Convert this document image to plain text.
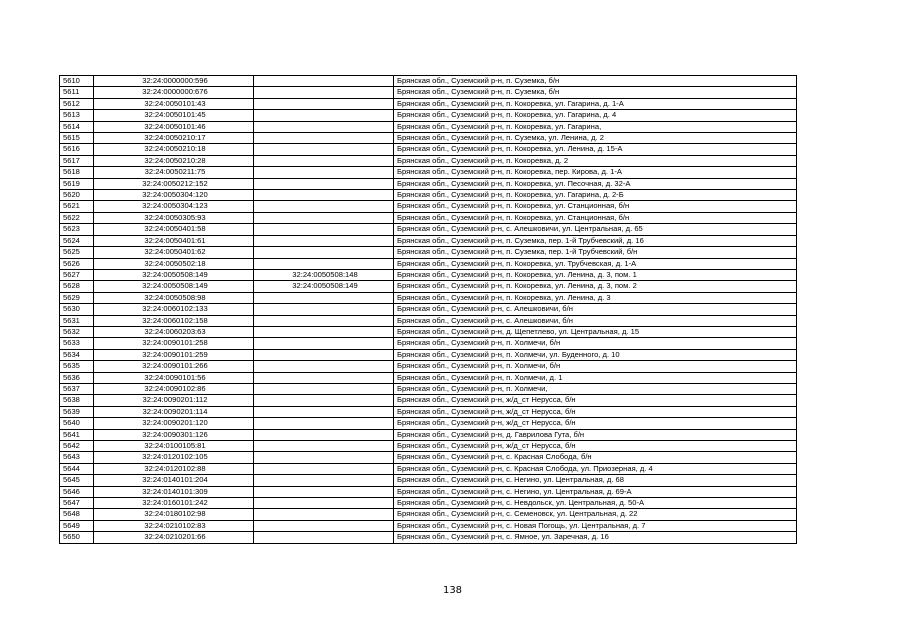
5610	32:24:0000000:596		Брянская обл., Суземский р-н, п. Суземка, б/н
5611	32:24:0000000:676		Брянская обл., Суземский р-н, п. Суземка, б/н
5612	32:24:0050101:43		Брянская обл., Суземский р-н, п. Кокоревка, ул. Гагарина, д. 1-А
5613	32:24:0050101:45		Брянская обл., Суземский р-н, п. Кокоревка, ул. Гагарина, д. 4
5614	32:24:0050101:46		Брянская обл., Суземский р-н, п. Кокоревка, ул. Гагарина,
5615	32:24:0050210:17		Брянская обл., Суземский р-н, п. Суземка, ул. Ленина, д. 2
5616	32:24:0050210:18		Брянская обл., Суземский р-н, п. Кокоревка, ул. Ленина, д. 15-А
5617	32:24:0050210:28		Брянская обл., Суземский р-н, п. Кокоревка, д. 2
5618	32:24:0050211:75		Брянская обл., Суземский р-н, п. Кокоревка, пер. Кирова, д. 1-А
5619	32:24:0050212:152		Брянская обл., Суземский р-н, п. Кокоревка, ул. Песочная, д. 32-А
5620	32:24:0050304:120		Брянская обл., Суземский р-н, п. Кокоревка, ул. Гагарина, д. 2-Б
5621	32:24:0050304:123		Брянская обл., Суземский р-н, п. Кокоревка, ул. Станционная, б/н
5622	32:24:0050305:93		Брянская обл., Суземский р-н, п. Кокоревка, ул. Станционная, б/н
5623	32:24:0050401:58		Брянская обл., Суземский р-н, с. Алешковичи, ул. Центральная, д. 65
5624	32:24:0050401:61		Брянская обл., Суземский р-н, п. Суземка, пер. 1-й Трубчевский, д. 16
5625	32:24:0050401:62		Брянская обл., Суземский р-н, п. Суземка, пер. 1-й Трубчевский, б/н
5626	32:24:0050502:18		Брянская обл., Суземский р-н, п. Кокоревка, ул. Трубчевская, д. 1-А
5627	32:24:0050508:149	32:24:0050508:148	Брянская обл., Суземский р-н, п. Кокоревка, ул. Ленина, д. 3, пом. 1
5628	32:24:0050508:149	32:24:0050508:149	Брянская обл., Суземский р-н, п. Кокоревка, ул. Ленина, д. 3, пом. 2
5629	32:24:0050508:98		Брянская обл., Суземский р-н, п. Кокоревка, ул. Ленина, д. 3
5630	32:24:0060102:133		Брянская обл., Суземский р-н, с. Алешковичи, б/н
5631	32:24:0060102:158		Брянская обл., Суземский р-н, с. Алешковичи, б/н
5632	32:24:0060203:63		Брянская обл., Суземский р-н, д. Щепетлево, ул. Центральная, д. 15
5633	32:24:0090101:258		Брянская обл., Суземский р-н, п. Холмечи, б/н
5634	32:24:0090101:259		Брянская обл., Суземский р-н, п. Холмечи, ул. Буденного, д. 10
5635	32:24:0090101:266		Брянская обл., Суземский р-н, п. Холмечи, б/н
5636	32:24:0090101:56		Брянская обл., Суземский р-н, п. Холмечи, д. 1
5637	32:24:0090102:86		Брянская обл., Суземский р-н, п. Холмечи,
5638	32:24:0090201:112		Брянская обл., Суземский р-н, ж/д_ст Нерусса, б/н
5639	32:24:0090201:114		Брянская обл., Суземский р-н, ж/д_ст Нерусса, б/н
5640	32:24:0090201:120		Брянская обл., Суземский р-н, ж/д_ст Нерусса, б/н
5641	32:24:0090301:126		Брянская обл., Суземский р-н, д. Гаврилова Гута, б/н
5642	32:24:0100105:81		Брянская обл., Суземский р-н, ж/д_ст Нерусса, б/н
5643	32:24:0120102:105		Брянская обл., Суземский р-н, с. Красная Слобода, б/н
5644	32:24:0120102:88		Брянская обл., Суземский р-н, с. Красная Слобода, ул. Приозерная, д. 4
5645	32:24:0140101:204		Брянская обл., Суземский р-н, с. Негино, ул. Центральная, д. 68
5646	32:24:0140101:309		Брянская обл., Суземский р-н, с. Негино, ул. Центральная, д. 69-А
5647	32:24:0160101:242		Брянская обл., Суземский р-н, с. Невдольск, ул. Центральная, д. 50-А
5648	32:24:0180102:98		Брянская обл., Суземский р-н, с. Семеновск, ул. Центральная, д. 22
5649	32:24:0210102:83		Брянская обл., Суземский р-н, с. Новая Погощь, ул. Центральная, д. 7
5650	32:24:0210201:66		Брянская обл., Суземский р-н, с. Ямное, ул. Заречная, д. 16
138
